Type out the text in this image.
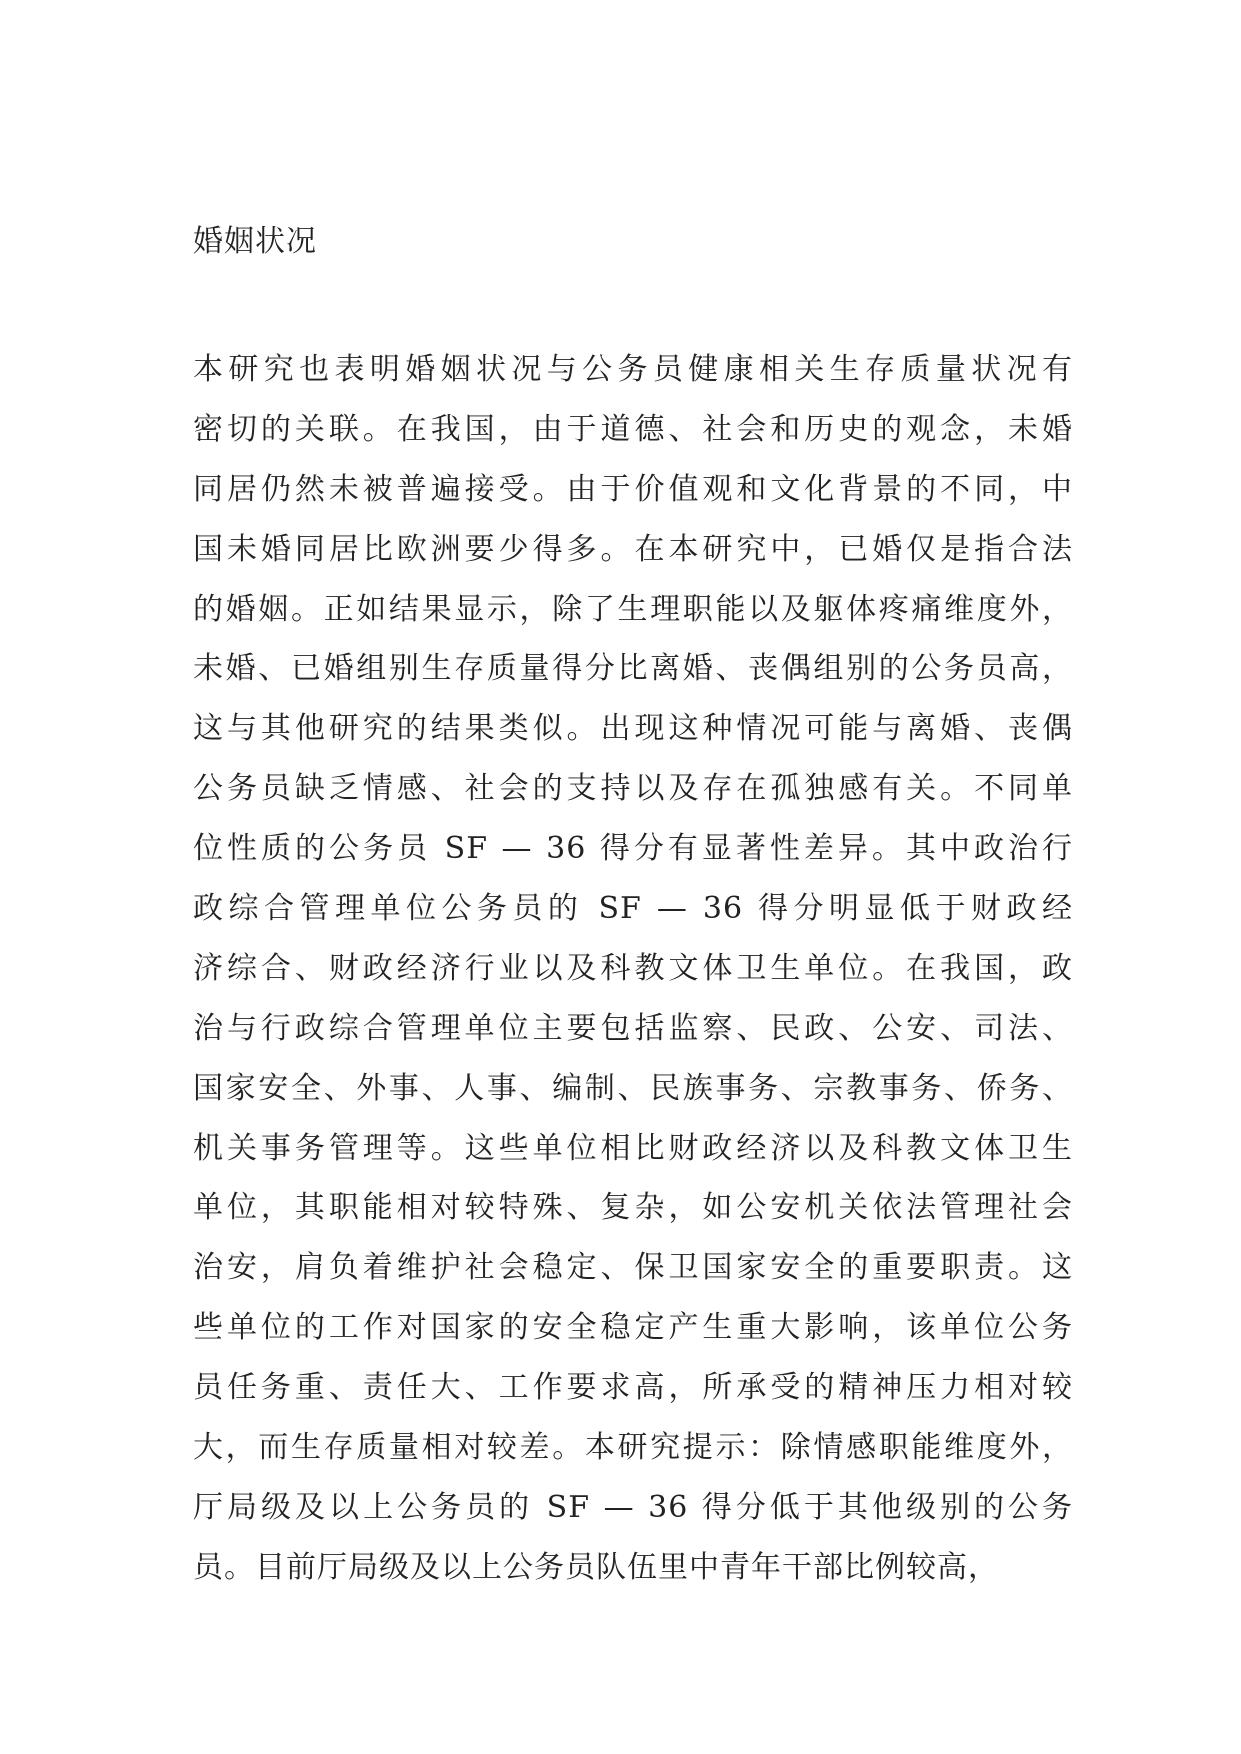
婚姻状况
本研究也表明婚姻状况与公务员健康相关生存质量状况有
密切的关联。在我国，由于道德、社会和历史的观念，未婚
同居仍然未被普遍接受。由于价值观和文化背景的不同，中
国未婚同居比欧洲要少得多。在本研究中，已婚仅是指合法
的婚姻。正如结果显示，除了生理职能以及躯体疼痛维度外，
未婚、已婚组别生存质量得分比离婚、丧偶组别的公务员高，
这与其他研究的结果类似。出现这种情况可能与离婚、丧偶
公务员缺乏情感、社会的支持以及存在孤独感有关。不同单
位性质的公务员 SF — 36 得分有显著性差异。其中政治行
政综合管理单位公务员的 SF — 36 得分明显低于财政经
济综合、财政经济行业以及科教文体卫生单位。在我国，政
治与行政综合管理单位主要包括监察、民政、公安、司法、
国家安全、外事、人事、编制、民族事务、宗教事务、侨务、
机关事务管理等。这些单位相比财政经济以及科教文体卫生
单位，其职能相对较特殊、复杂，如公安机关依法管理社会
治安，肩负着维护社会稳定、保卫国家安全的重要职责。这
些单位的工作对国家的安全稳定产生重大影响，该单位公务
员任务重、责任大、工作要求高，所承受的精神压力相对较
大，而生存质量相对较差。本研究提示：除情感职能维度外，
厅局级及以上公务员的 SF — 36 得分低于其他级别的公务
员。目前厅局级及以上公务员队伍里中青年干部比例较高，
